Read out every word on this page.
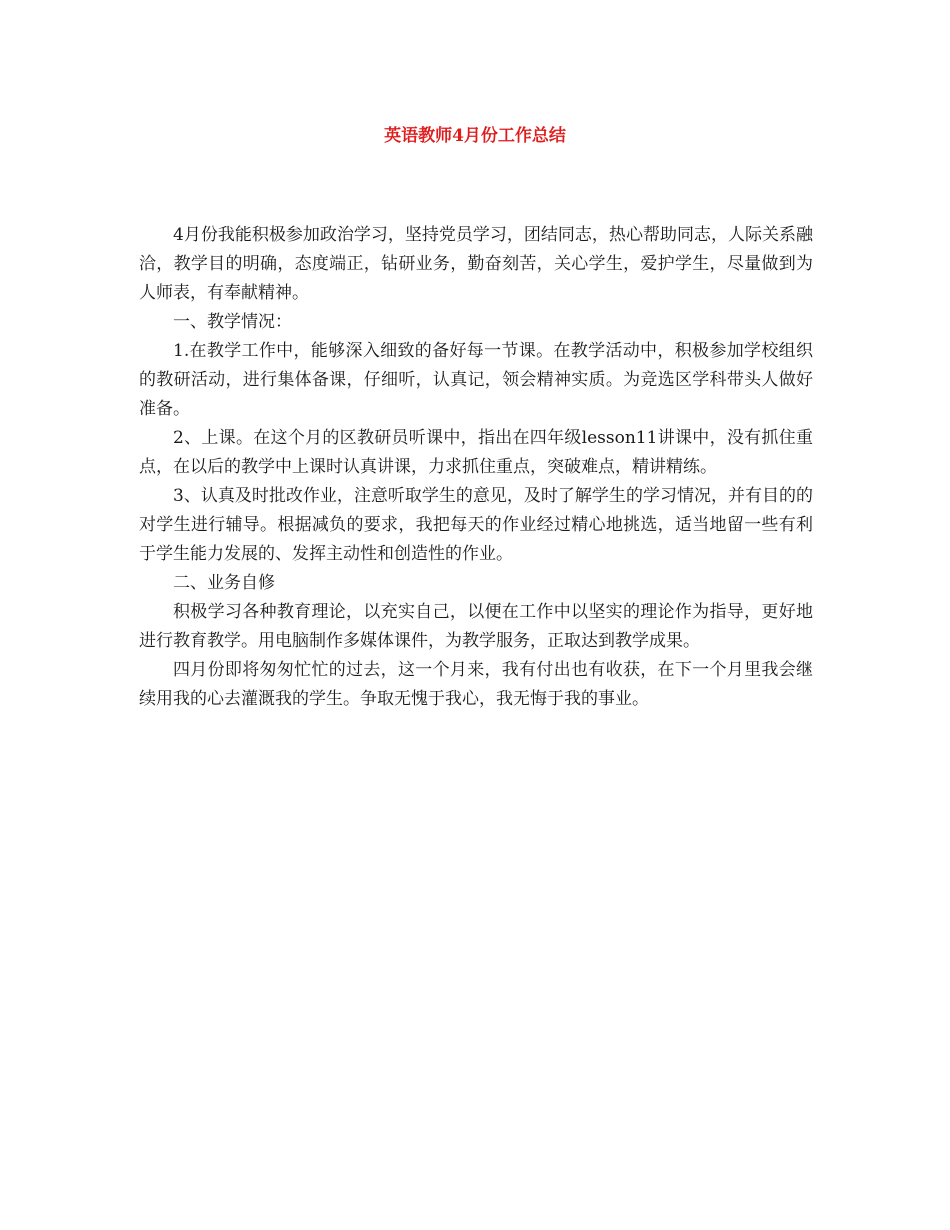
英语教师4月份工作总结

4月份我能积极参加政治学习，坚持党员学习，团结同志，热心帮助同志，人际关系融洽，教学目的明确，态度端正，钻研业务，勤奋刻苦，关心学生，爱护学生，尽量做到为人师表，有奉献精神。

一、教学情况：

1.在教学工作中，能够深入细致的备好每一节课。在教学活动中，积极参加学校组织的教研活动，进行集体备课，仔细听，认真记，领会精神实质。为竞选区学科带头人做好准备。

2、上课。在这个月的区教研员听课中，指出在四年级lesson11讲课中，没有抓住重点，在以后的教学中上课时认真讲课，力求抓住重点，突破难点，精讲精练。

3、认真及时批改作业，注意听取学生的意见，及时了解学生的学习情况，并有目的的对学生进行辅导。根据减负的要求，我把每天的作业经过精心地挑选，适当地留一些有利于学生能力发展的、发挥主动性和创造性的作业。

二、业务自修

积极学习各种教育理论，以充实自己，以便在工作中以坚实的理论作为指导，更好地进行教育教学。用电脑制作多媒体课件，为教学服务，正取达到教学成果。

四月份即将匆匆忙忙的过去，这一个月来，我有付出也有收获，在下一个月里我会继续用我的心去灌溉我的学生。争取无愧于我心，我无悔于我的事业。
